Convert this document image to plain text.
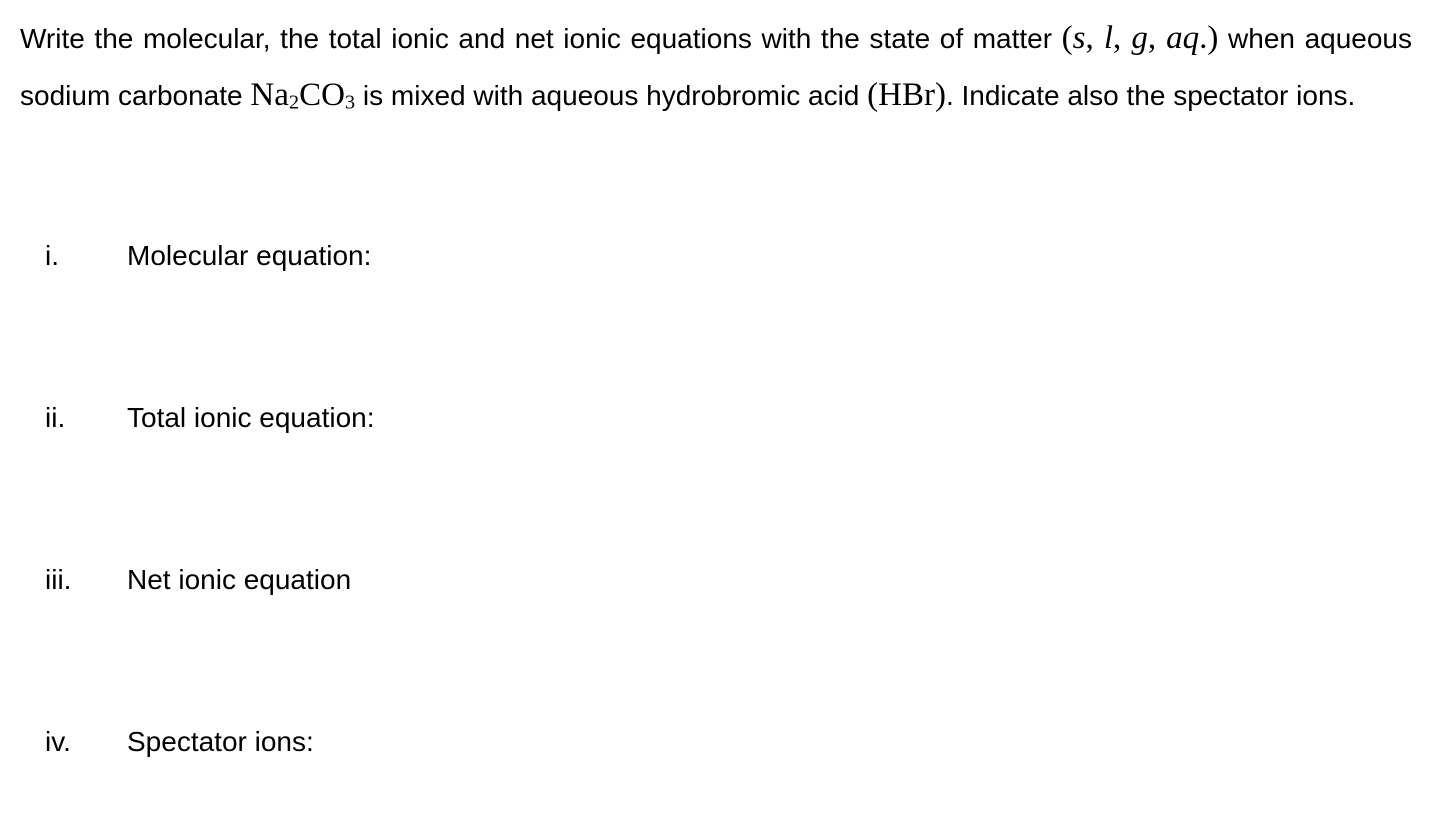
Write the molecular, the total ionic and net ionic equations with the state of matter (s, l, g, aq.) when aqueous sodium carbonate $Na_2CO_3$ is mixed with aqueous hydrobromic acid (HBr). Indicate also the spectator ions.
i. Molecular equation:
ii. Total ionic equation:
iii. Net ionic equation
iv. Spectator ions:
